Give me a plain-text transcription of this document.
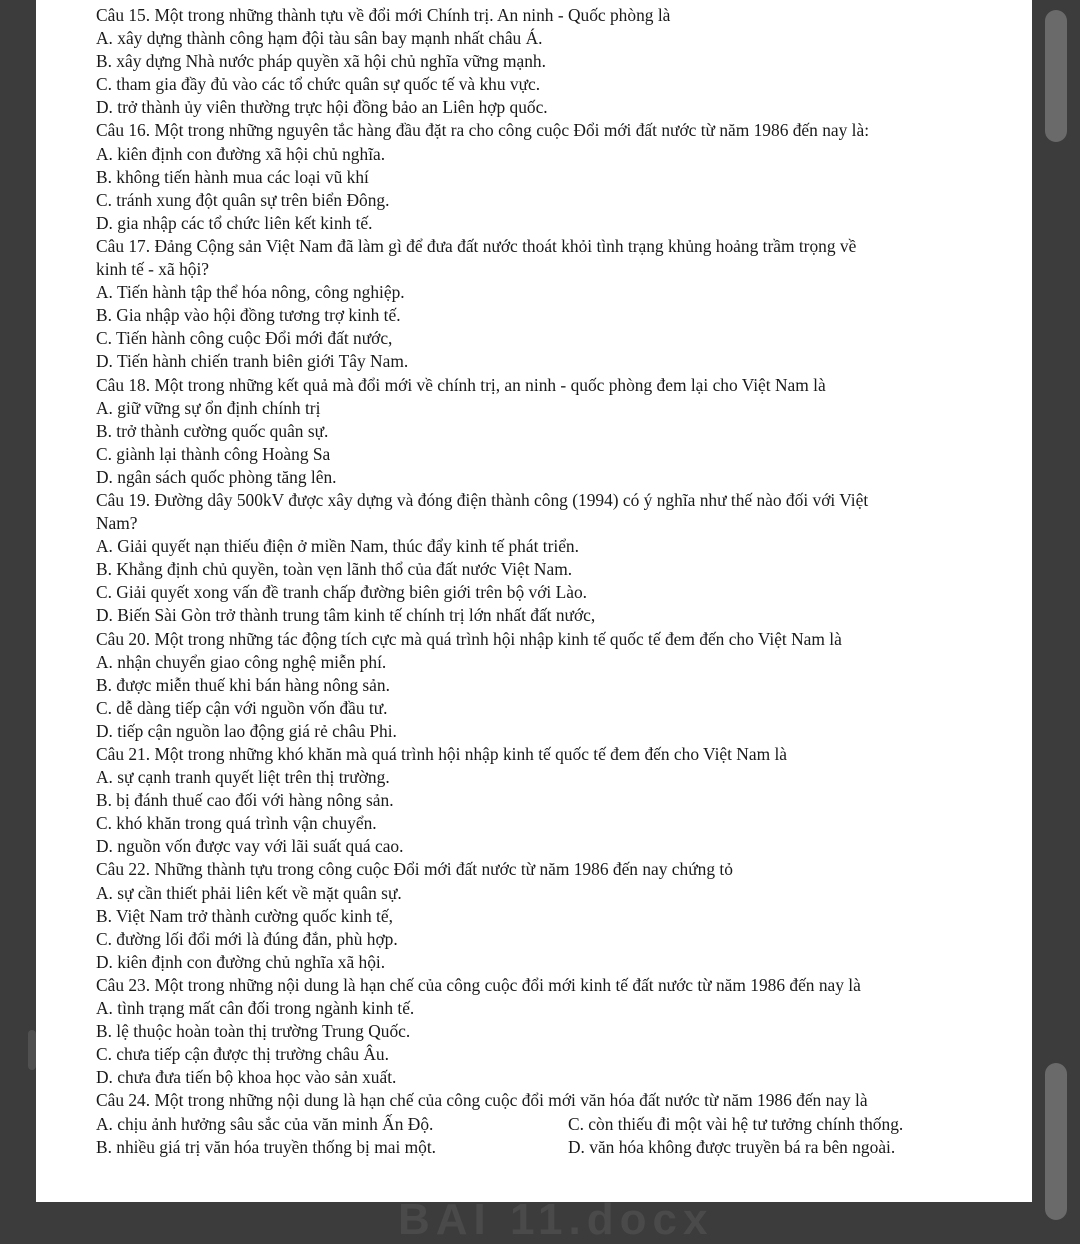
Câu 15. Một trong những thành tựu về đổi mới Chính trị. An ninh - Quốc phòng là
A. xây dựng thành công hạm đội tàu sân bay mạnh nhất châu Á.
B. xây dựng Nhà nước pháp quyền xã hội chủ nghĩa vững mạnh.
C. tham gia đầy đủ vào các tổ chức quân sự quốc tế và khu vực.
D. trở thành ủy viên thường trực hội đồng bảo an Liên hợp quốc.
Câu 16. Một trong những nguyên tắc hàng đầu đặt ra cho công cuộc Đổi mới đất nước từ năm 1986 đến nay là:
A. kiên định con đường xã hội chủ nghĩa.
B. không tiến hành mua các loại vũ khí
C. tránh xung đột quân sự trên biển Đông.
D. gia nhập các tổ chức liên kết kinh tế.
Câu 17. Đảng Cộng sản Việt Nam đã làm gì để đưa đất nước thoát khỏi tình trạng khủng hoảng trầm trọng về
kinh tế - xã hội?
A. Tiến hành tập thể hóa nông, công nghiệp.
B. Gia nhập vào hội đồng tương trợ kinh tế.
C. Tiến hành công cuộc Đổi mới đất nước,
D. Tiến hành chiến tranh biên giới Tây Nam.
Câu 18. Một trong những kết quả mà đổi mới về chính trị, an ninh - quốc phòng đem lại cho Việt Nam là
A. giữ vững sự ổn định chính trị
B. trở thành cường quốc quân sự.
C. giành lại thành công Hoàng Sa
D. ngân sách quốc phòng tăng lên.
Câu 19. Đường dây 500kV được xây dựng và đóng điện thành công (1994) có ý nghĩa như thế nào đối với Việt
Nam?
A. Giải quyết nạn thiếu điện ở miền Nam, thúc đẩy kinh tế phát triển.
B. Khẳng định chủ quyền, toàn vẹn lãnh thổ của đất nước Việt Nam.
C. Giải quyết xong vấn đề tranh chấp đường biên giới trên bộ với Lào.
D. Biến Sài Gòn trở thành trung tâm kinh tế chính trị lớn nhất đất nước,
Câu 20. Một trong những tác động tích cực mà quá trình hội nhập kinh tế quốc tế đem đến cho Việt Nam là
A. nhận chuyển giao công nghệ miễn phí.
B. được miễn thuế khi bán hàng nông sản.
C. dễ dàng tiếp cận với nguồn vốn đầu tư.
D. tiếp cận nguồn lao động giá rẻ châu Phi.
Câu 21. Một trong những khó khăn mà quá trình hội nhập kinh tế quốc tế đem đến cho Việt Nam là
A. sự cạnh tranh quyết liệt trên thị trường.
B. bị đánh thuế cao đối với hàng nông sản.
C. khó khăn trong quá trình vận chuyển.
D. nguồn vốn được vay với lãi suất quá cao.
Câu 22. Những thành tựu trong công cuộc Đổi mới đất nước từ năm 1986 đến nay chứng tỏ
A. sự cần thiết phải liên kết về mặt quân sự.
B. Việt Nam trở thành cường quốc kinh tế,
C. đường lối đổi mới là đúng đắn, phù hợp.
D. kiên định con đường chủ nghĩa xã hội.
Câu 23. Một trong những nội dung là hạn chế của công cuộc đổi mới kinh tế đất nước từ năm 1986 đến nay là
A. tình trạng mất cân đối trong ngành kinh tế.
B. lệ thuộc hoàn toàn thị trường Trung Quốc.
C. chưa tiếp cận được thị trường châu Âu.
D. chưa đưa tiến bộ khoa học vào sản xuất.
Câu 24. Một trong những nội dung là hạn chế của công cuộc đổi mới văn hóa đất nước từ năm 1986 đến nay là
A. chịu ảnh hưởng sâu sắc của văn minh Ấn Độ.	C. còn thiếu đi một vài hệ tư tưởng chính thống.
B. nhiều giá trị văn hóa truyền thống bị mai một.	D. văn hóa không được truyền bá ra bên ngoài.
BAI 11.docx
